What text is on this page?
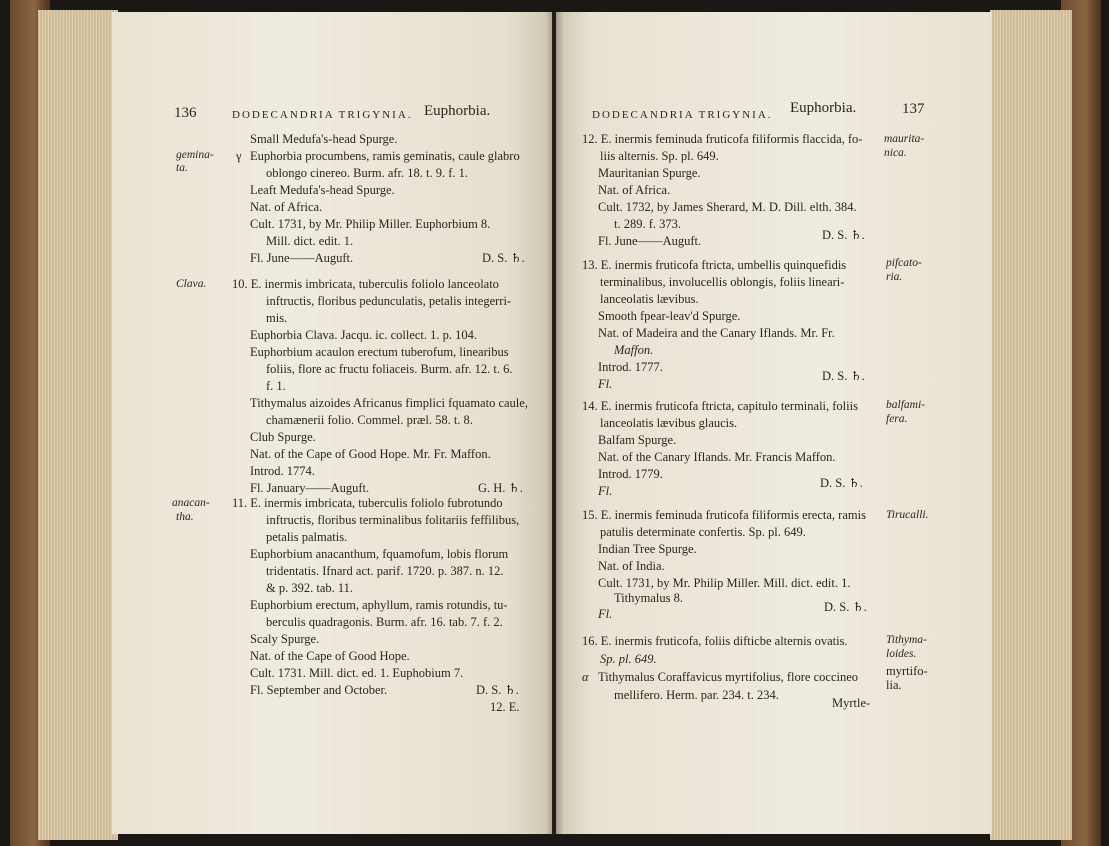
136	DODECANDRIA TRIGYNIA. Euphorbia.
Small Medufa's-head Spurge.
gemina-
ta.
γ Euphorbia procumbens, ramis geminatis, caule glabro
oblongo cinereo. Burm. afr. 18. t. 9. f. 1.
Leaft Medufa's-head Spurge.
Nat. of Africa.
Cult. 1731, by Mr. Philip Miller. Euphorbium 8.
Mill. dict. edit. 1.
Fl. June——Auguft.	D. S. ♄.
Clava. 10. E. inermis imbricata, tuberculis foliolo lanceolato
inftructis, floribus pedunculatis, petalis integerri-
mis.
Euphorbia Clava. Jacqu. ic. collect. 1. p. 104.
Euphorbium acaulon erectum tuberofum, linearibus
foliis, flore ac fructu foliaceis. Burm. afr. 12. t. 6.
f. 1.
Tithymalus aizoides Africanus fimplici fquamato caule,
chamænerii folio. Commel. præl. 58. t. 8.
Club Spurge.
Nat. of the Cape of Good Hope. Mr. Fr. Maffon.
Introd. 1774.
Fl. January——Auguft.	G. H. ♄.
anacan-
tha.
11. E. inermis imbricata, tuberculis foliolo fubrotundo
inftructis, floribus terminalibus folitariis feffilibus,
petalis palmatis.
Euphorbium anacanthum, fquamofum, lobis florum
tridentatis. Ifnard act. parif. 1720. p. 387. n. 12.
& p. 392. tab. 11.
Euphorbium erectum, aphyllum, ramis rotundis, tu-
berculis quadragonis. Burm. afr. 16. tab. 7. f. 2.
Scaly Spurge.
Nat. of the Cape of Good Hope.
Cult. 1731. Mill. dict. ed. 1. Euphobium 7.
Fl. September and October.	D. S. ♄.
12. E.
DODECANDRIA TRIGYNIA. Euphorbia.	137
12. E. inermis feminuda fruticofa filiformis flaccida, fo-
liis alternis. Sp. pl. 649.
Mauritanian Spurge.
Nat. of Africa.
Cult. 1732, by James Sherard, M. D. Dill. elth. 384.
t. 289. f. 373.
Fl. June——Auguft.	D. S. ♄.
maurita-
nica.
13. E. inermis fruticofa ftricta, umbellis quinquefidis
terminalibus, involucellis oblongis, foliis lineari-
lanceolatis lævibus.
Smooth fpear-leav'd Spurge.
Nat. of Madeira and the Canary Iflands. Mr. Fr.
Maffon.
Introd. 1777.
Fl.
D. S. ♄.
pifcato-
ria.
14. E. inermis fruticofa ftricta, capitulo terminali, foliis
lanceolatis lævibus glaucis.
Balfam Spurge.
Nat. of the Canary Iflands. Mr. Francis Maffon.
Introd. 1779.
Fl.
D. S. ♄.
balfami-
fera.
15. E. inermis feminuda fruticofa filiformis erecta, ramis
patulis determinate confertis. Sp. pl. 649.
Indian Tree Spurge.
Nat. of India.
Cult. 1731, by Mr. Philip Miller. Mill. dict. edit. 1.
Tithymalus 8.
Fl.	D. S. ♄.
Tirucalli.
16. E. inermis fruticofa, foliis difticbe alternis ovatis.
Sp. pl. 649.
α Tithymalus Coraffavicus myrtifolius, flore coccineo
mellifero. Herm. par. 234. t. 234.
Tithyma-
loides.
myrtifo-
lia.
Myrtle-
